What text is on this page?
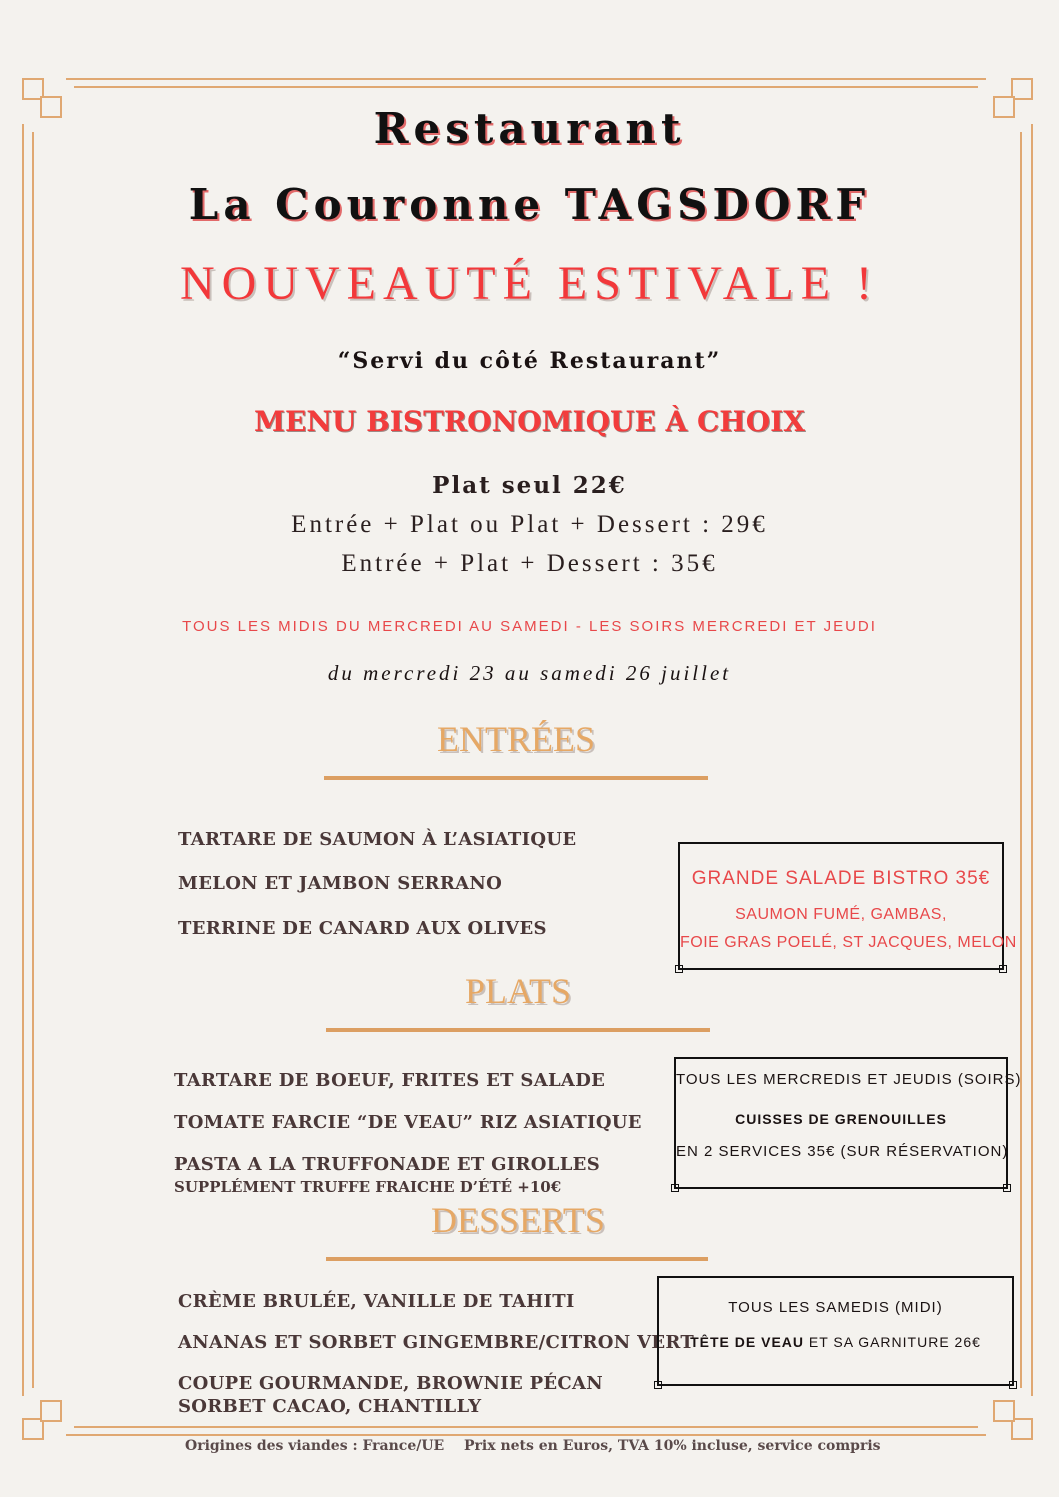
Restaurant
La Couronne TAGSDORF
NOUVEAUTÉ ESTIVALE !
“Servi du côté Restaurant”
MENU BISTRONOMIQUE À CHOIX
Plat seul 22€
Entrée + Plat ou Plat + Dessert : 29€
Entrée + Plat + Dessert : 35€
TOUS LES MIDIS DU MERCREDI AU SAMEDI - LES SOIRS MERCREDI ET JEUDI
du mercredi 23 au samedi 26 juillet
ENTRÉES
TARTARE DE SAUMON À L’ASIATIQUE
MELON ET JAMBON SERRANO
TERRINE DE CANARD AUX OLIVES
GRANDE SALADE BISTRO 35€
SAUMON FUMÉ, GAMBAS,
FOIE GRAS POELÉ, ST JACQUES, MELON
PLATS
TARTARE DE BOEUF, FRITES ET SALADE
TOMATE FARCIE “DE VEAU” RIZ ASIATIQUE
PASTA A LA TRUFFONADE ET GIROLLES
SUPPLÉMENT TRUFFE FRAICHE D’ÉTÉ +10€
TOUS LES MERCREDIS ET JEUDIS (SOIRS)
CUISSES DE GRENOUILLES
EN 2 SERVICES 35€ (SUR RÉSERVATION)
DESSERTS
CRÈME BRULÉE, VANILLE DE TAHITI
ANANAS ET SORBET GINGEMBRE/CITRON VERT
COUPE GOURMANDE, BROWNIE PÉCAN
SORBET CACAO, CHANTILLY
TOUS LES SAMEDIS (MIDI)
TÊTE DE VEAU ET SA GARNITURE 26€
Origines des viandes : France/UE Prix nets en Euros, TVA 10% incluse, service compris
